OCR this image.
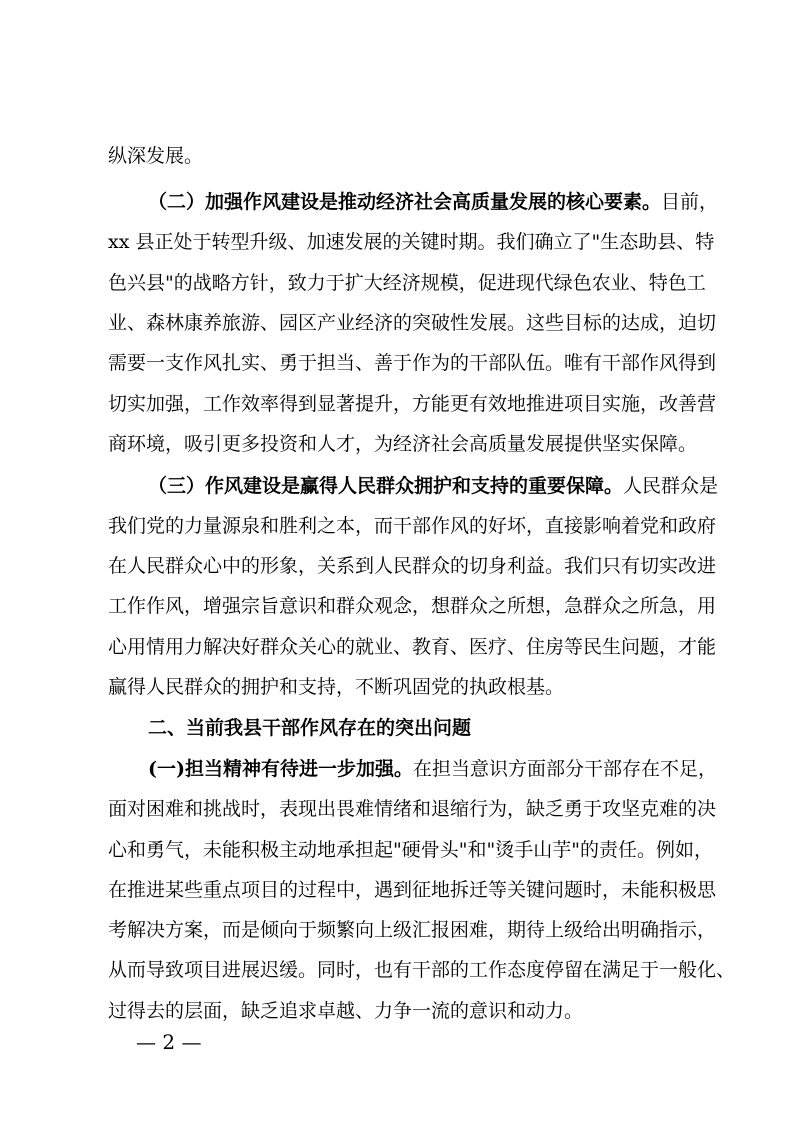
纵深发展。
（二）加强作风建设是推动经济社会高质量发展的核心要素。目前，
xx 县正处于转型升级、加速发展的关键时期。我们确立了"生态助县、特
色兴县"的战略方针，致力于扩大经济规模，促进现代绿色农业、特色工
业、森林康养旅游、园区产业经济的突破性发展。这些目标的达成，迫切
需要一支作风扎实、勇于担当、善于作为的干部队伍。唯有干部作风得到
切实加强，工作效率得到显著提升，方能更有效地推进项目实施，改善营
商环境，吸引更多投资和人才，为经济社会高质量发展提供坚实保障。
（三）作风建设是赢得人民群众拥护和支持的重要保障。人民群众是
我们党的力量源泉和胜利之本，而干部作风的好坏，直接影响着党和政府
在人民群众心中的形象，关系到人民群众的切身利益。我们只有切实改进
工作作风，增强宗旨意识和群众观念，想群众之所想，急群众之所急，用
心用情用力解决好群众关心的就业、教育、医疗、住房等民生问题，才能
赢得人民群众的拥护和支持，不断巩固党的执政根基。
二、当前我县干部作风存在的突出问题
(一)担当精神有待进一步加强。在担当意识方面部分干部存在不足，
面对困难和挑战时，表现出畏难情绪和退缩行为，缺乏勇于攻坚克难的决
心和勇气，未能积极主动地承担起"硬骨头"和"烫手山芋"的责任。例如，
在推进某些重点项目的过程中，遇到征地拆迁等关键问题时，未能积极思
考解决方案，而是倾向于频繁向上级汇报困难，期待上级给出明确指示，
从而导致项目进展迟缓。同时，也有干部的工作态度停留在满足于一般化、
过得去的层面，缺乏追求卓越、力争一流的意识和动力。
— 2 —
